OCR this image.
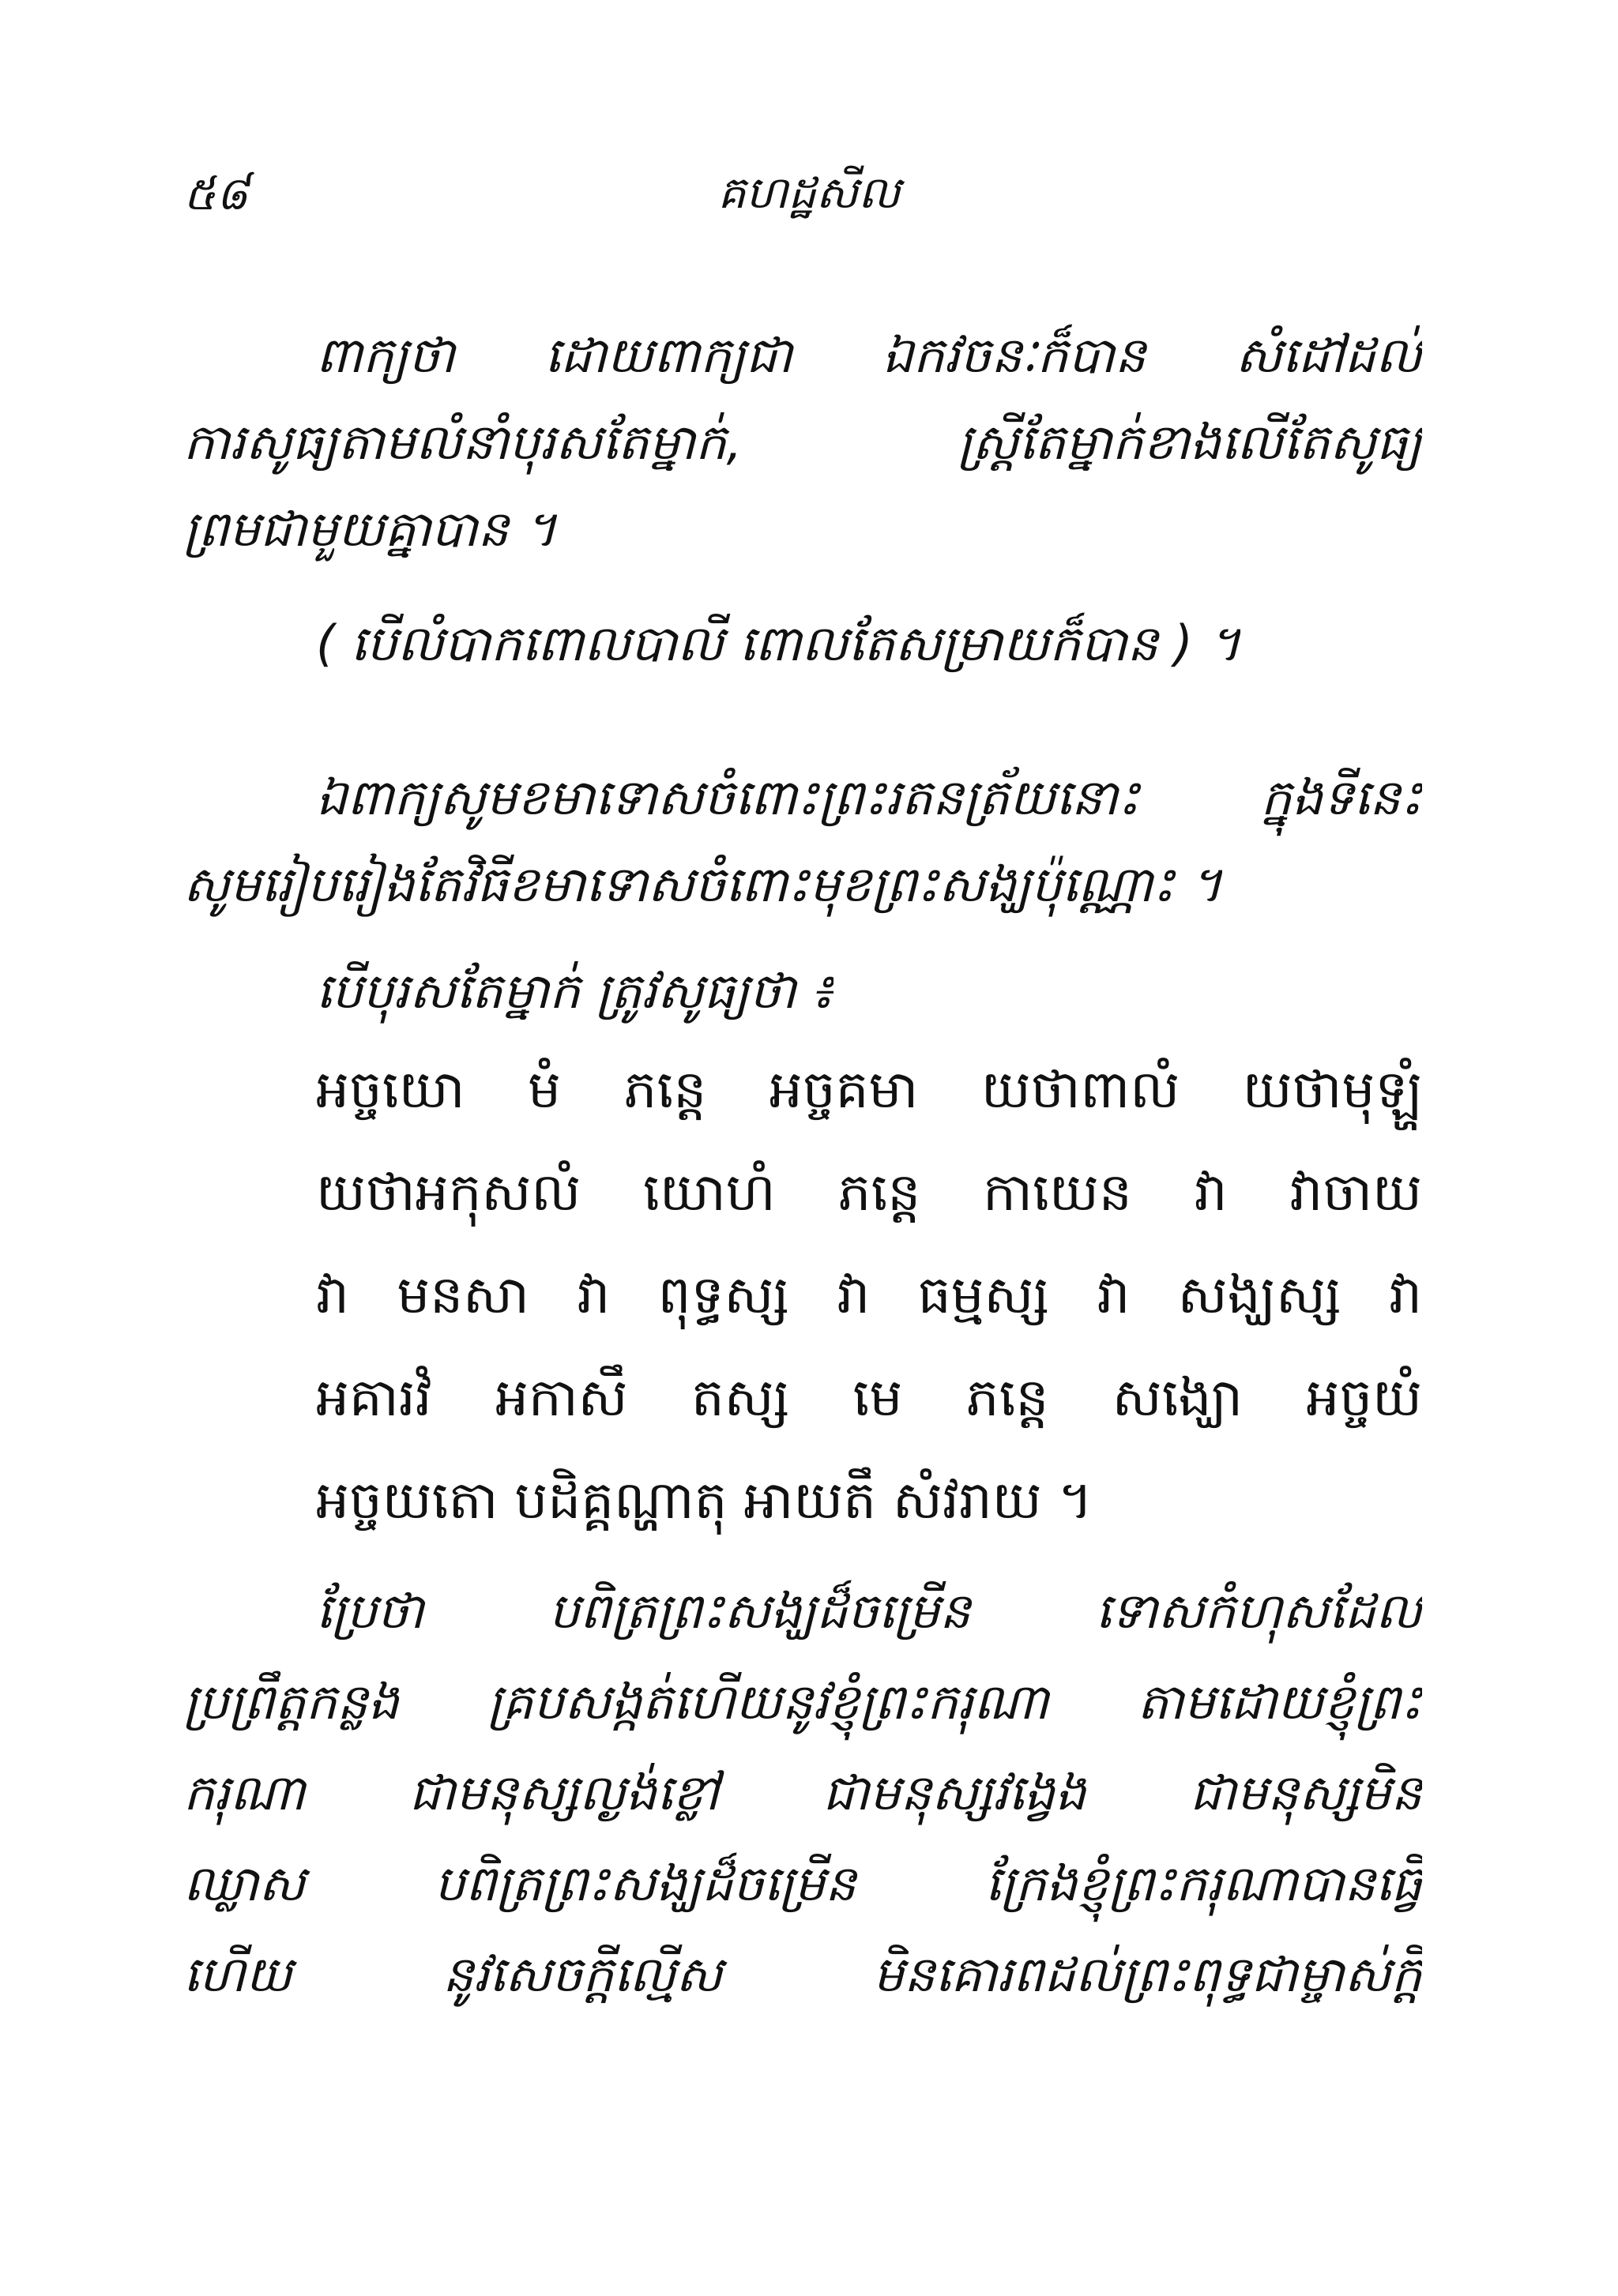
៥៨	គហដ្ឋសីល
ពាក្យថា ដោយពាក្យជា ឯកវចនៈក៏បាន សំដៅដល់
ការសូធ្យតាមលំនាំបុរសតែម្នាក់, ស្ត្រីតែម្នាក់ខាងលើតែសូធ្យ
ព្រមជាមួយគ្នាបាន ។
( បើលំបាកពោលបាលី ពោលតែសម្រាយក៏បាន ) ។
ឯពាក្យសូមខមាទោសចំពោះព្រះរតនត្រ័យនោះ ក្នុងទីនេះ
សូមរៀបរៀងតែវិធីខមាទោសចំពោះមុខព្រះសង្ឃប៉ុណ្ណោះ ។
បើបុរសតែម្នាក់ ត្រូវសូធ្យថា ៖
អច្ចយោ មំ ភន្តេ អច្ចគមា យថាពាលំ យថាមុឡ្ហំ
យថាអកុសលំ យោហំ ភន្តេ កាយេន វា វាចាយ
វា មនសា វា ពុទ្ធស្ស វា ធម្មស្ស វា សង្ឃស្ស វា
អគារវំ អកាសឹ តស្ស មេ ភន្តេ សង្ឃោ អច្ចយំ
អច្ចយតោ បដិគ្គណ្ហាតុ អាយតឹ សំវរាយ ។
ប្រែថា បពិត្រព្រះសង្ឃដ៏ចម្រើន ទោសកំហុសដែល
ប្រព្រឹត្តកន្លង គ្របសង្កត់ហើយនូវខ្ញុំព្រះករុណា តាមដោយខ្ញុំព្រះ
ករុណា ជាមនុស្សល្ងង់ខ្លៅ ជាមនុស្សវង្វេង ជាមនុស្សមិន
ឈ្លាស បពិត្រព្រះសង្ឃដ៏ចម្រើន ក្រែងខ្ញុំព្រះករុណាបានធ្វើ
ហើយ នូវសេចក្តីល្មើស មិនគោរពដល់ព្រះពុទ្ធជាម្ចាស់ក្តី
